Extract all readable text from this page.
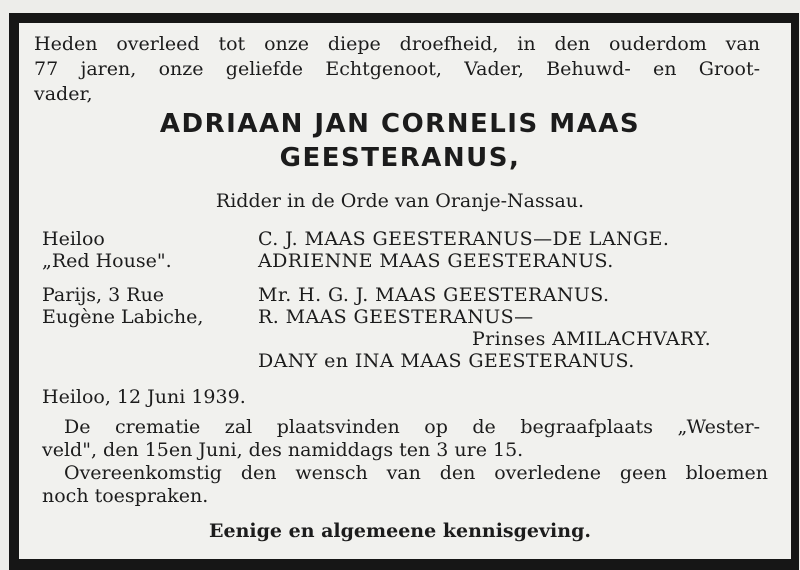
Heden overleed tot onze diepe droefheid, in den ouderdom van
77 jaren, onze geliefde Echtgenoot, Vader, Behuwd- en Groot-
vader,
ADRIAAN JAN CORNELIS MAAS
GEESTERANUS,
Ridder in de Orde van Oranje-Nassau.
Heiloo
„Red House".
Parijs, 3 Rue
Eugène Labiche,
C. J. MAAS GEESTERANUS—DE LANGE.
ADRIENNE MAAS GEESTERANUS.
Mr. H. G. J. MAAS GEESTERANUS.
R. MAAS GEESTERANUS—
Prinses AMILACHVARY.
DANY en INA MAAS GEESTERANUS.
Heiloo, 12 Juni 1939.
De crematie zal plaatsvinden op de begraafplaats „Wester-
veld", den 15en Juni, des namiddags ten 3 ure 15.
Overeenkomstig den wensch van den overledene geen bloemen
noch toespraken.
Eenige en algemeene kennisgeving.
